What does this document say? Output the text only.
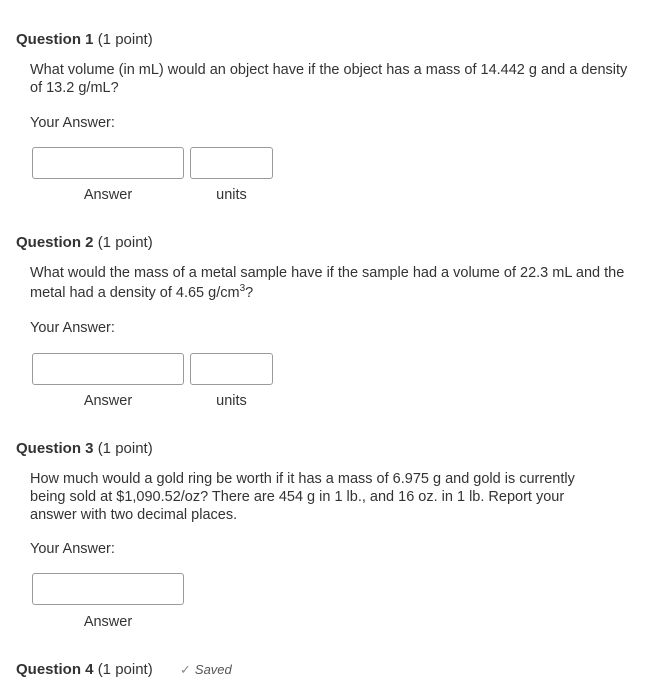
Question 1 (1 point)
What volume (in mL) would an object have if the object has a mass of 14.442 g and a density of 13.2 g/mL?
Your Answer:
Answer	units
Question 2 (1 point)
What would the mass of a metal sample have if the sample had a volume of 22.3 mL and the metal had a density of 4.65 $g/cm^3$?
Your Answer:
Answer	units
Question 3 (1 point)
How much would a gold ring be worth if it has a mass of 6.975 g and gold is currently being sold at $1,090.52/oz? There are 454 g in 1 lb., and 16 oz. in 1 lb. Report your answer with two decimal places.
Your Answer:
Answer
Question 4 (1 point) ✓ Saved
